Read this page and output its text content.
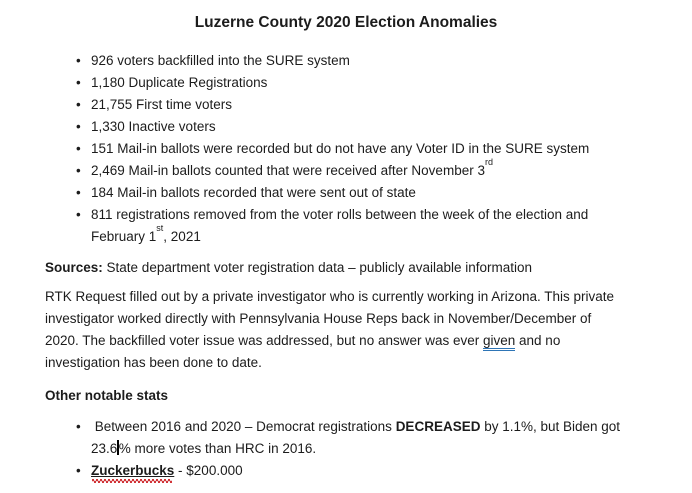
Luzerne County 2020 Election Anomalies
• 926 voters backfilled into the SURE system
• 1,180 Duplicate Registrations
• 21,755 First time voters
• 1,330 Inactive voters
• 151 Mail-in ballots were recorded but do not have any Voter ID in the SURE system
• 2,469 Mail-in ballots counted that were received after November 3rd
• 184 Mail-in ballots recorded that were sent out of state
• 811 registrations removed from the voter rolls between the week of the election and
February 1st, 2021
Sources: State department voter registration data – publicly available information
RTK Request filled out by a private investigator who is currently working in Arizona. This private
investigator worked directly with Pennsylvania House Reps back in November/December of
2020. The backfilled voter issue was addressed, but no answer was ever given and no
investigation has been done to date.
Other notable stats
•  Between 2016 and 2020 – Democrat registrations DECREASED by 1.1%, but Biden got
23.6 % more votes than HRC in 2016.
• Zuckerbucks - $200.000
